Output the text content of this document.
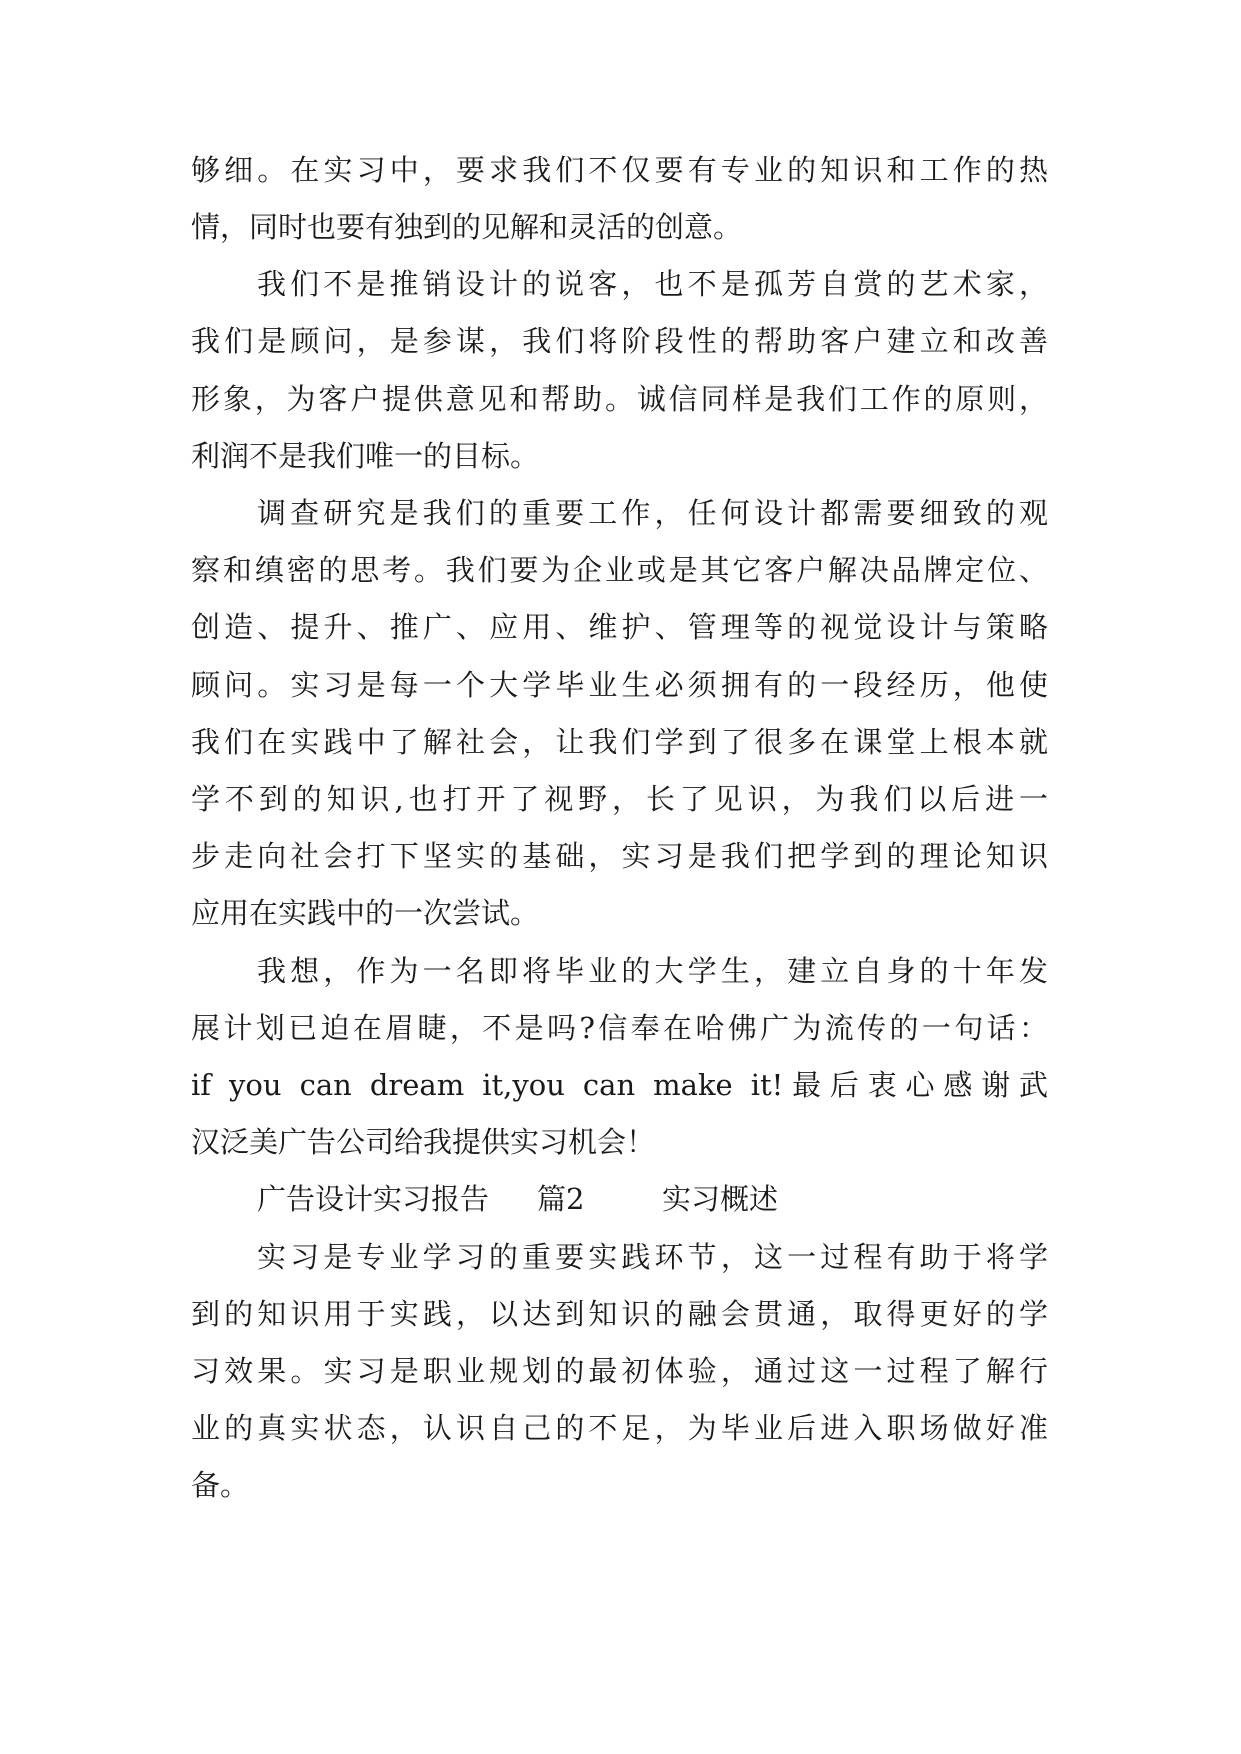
够细。在实习中，要求我们不仅要有专业的知识和工作的热
情，同时也要有独到的见解和灵活的创意。
我们不是推销设计的说客，也不是孤芳自赏的艺术家，
我们是顾问，是参谋，我们将阶段性的帮助客户建立和改善
形象，为客户提供意见和帮助。诚信同样是我们工作的原则，
利润不是我们唯一的目标。
调查研究是我们的重要工作，任何设计都需要细致的观
察和缜密的思考。我们要为企业或是其它客户解决品牌定位、
创造、提升、推广、应用、维护、管理等的视觉设计与策略
顾问。实习是每一个大学毕业生必须拥有的一段经历，他使
我们在实践中了解社会，让我们学到了很多在课堂上根本就
学不到的知识,也打开了视野，长了见识，为我们以后进一
步走向社会打下坚实的基础，实习是我们把学到的理论知识
应用在实践中的一次尝试。
我想，作为一名即将毕业的大学生，建立自身的十年发
展计划已迫在眉睫，不是吗?信奉在哈佛广为流传的一句话：
if you can dream it,you can make it!最后衷心感谢武
汉泛美广告公司给我提供实习机会！
广告设计实习报告 篇2	实习概述
实习是专业学习的重要实践环节，这一过程有助于将学
到的知识用于实践，以达到知识的融会贯通，取得更好的学
习效果。实习是职业规划的最初体验，通过这一过程了解行
业的真实状态，认识自己的不足，为毕业后进入职场做好准
备。
